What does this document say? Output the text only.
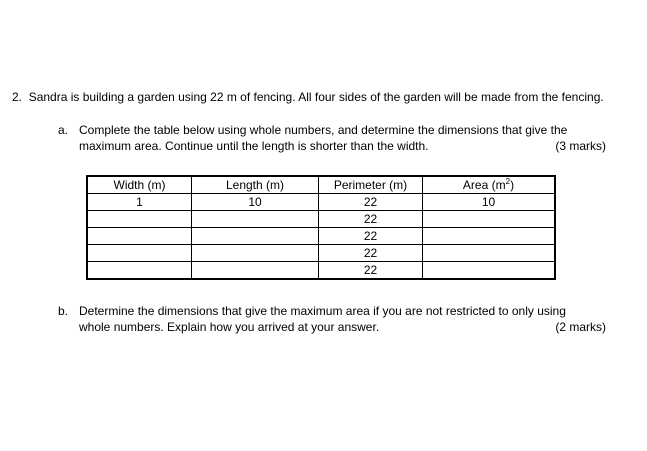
2. Sandra is building a garden using 22 m of fencing. All four sides of the garden will be made from the fencing.
a. Complete the table below using whole numbers, and determine the dimensions that give the
maximum area. Continue until the length is shorter than the width.	(3 marks)
Width (m)	Length (m)	Perimeter (m)	Area $(m^2)$
1	10	22	10
		22	
		22	
		22	
		22	
b. Determine the dimensions that give the maximum area if you are not restricted to only using
whole numbers. Explain how you arrived at your answer.	(2 marks)
